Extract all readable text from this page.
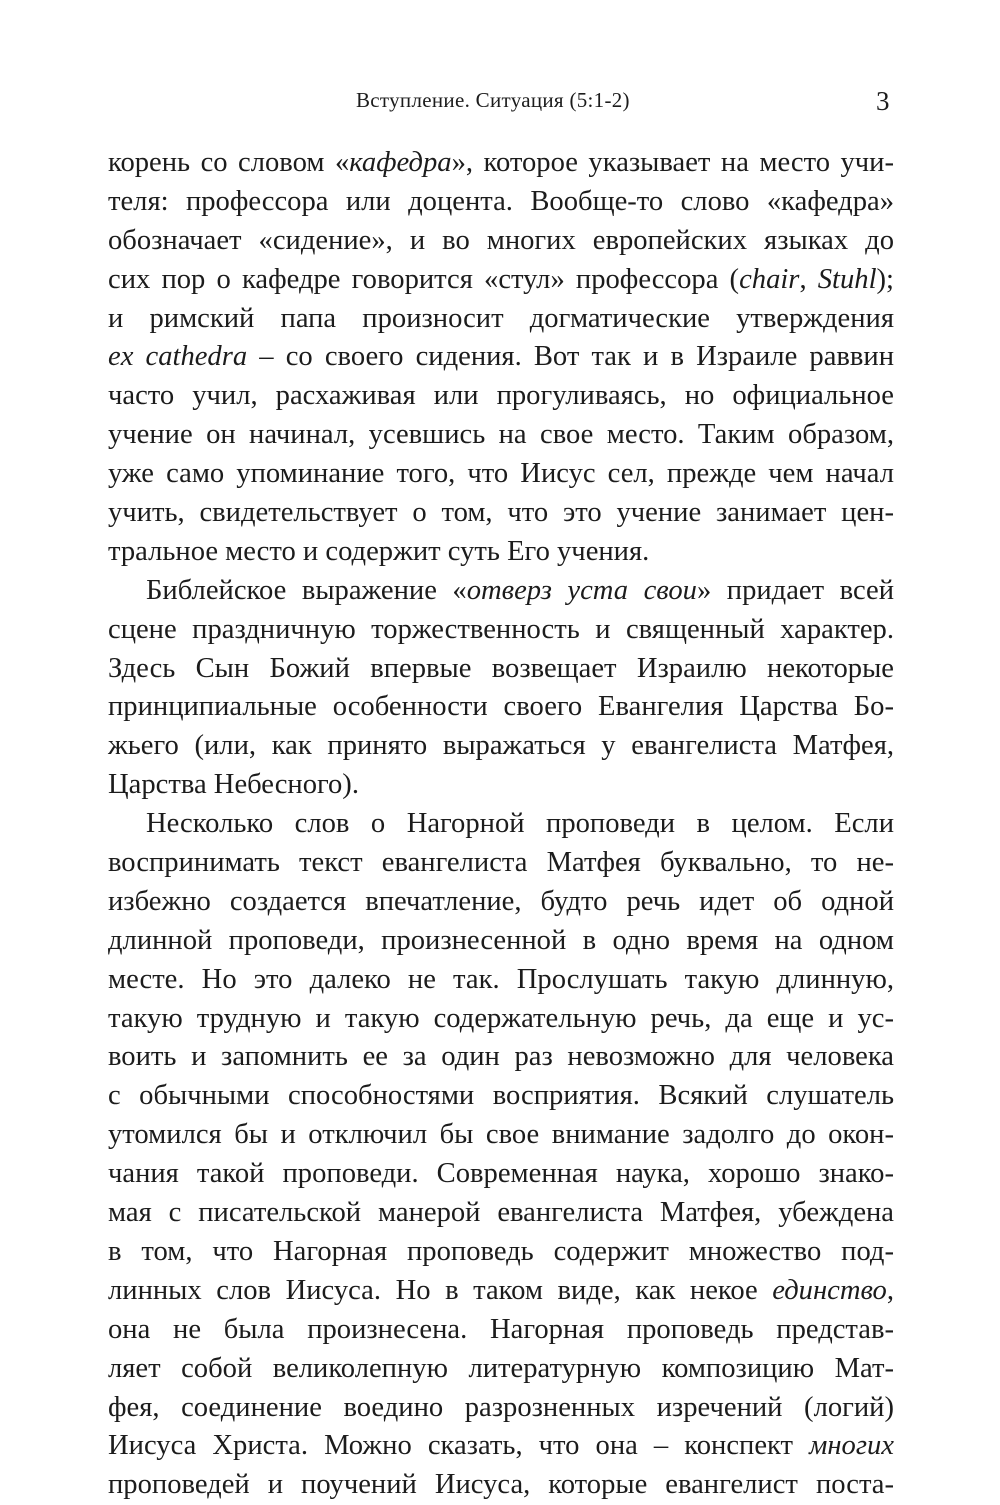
Вступление. Ситуация (5:1-2)	3
корень со словом «кафедра», которое указывает на место учи-
теля: профессора или доцента. Вообще-то слово «кафедра»
обозначает «сидение», и во многих европейских языках до
сих пор о кафедре говорится «стул» профессора (chair, Stuhl);
и римский папа произносит догматические утверждения
ex cathedra – со своего сидения. Вот так и в Израиле раввин
часто учил, расхаживая или прогуливаясь, но официальное
учение он начинал, усевшись на свое место. Таким образом,
уже само упоминание того, что Иисус сел, прежде чем начал
учить, свидетельствует о том, что это учение занимает цен-
тральное место и содержит суть Его учения.
Библейское выражение «отверз уста свои» придает всей
сцене праздничную торжественность и священный характер.
Здесь Сын Божий впервые возвещает Израилю некоторые
принципиальные особенности своего Евангелия Царства Бо-
жьего (или, как принято выражаться у евангелиста Матфея,
Царства Небесного).
Несколько слов о Нагорной проповеди в целом. Если
воспринимать текст евангелиста Матфея буквально, то не-
избежно создается впечатление, будто речь идет об одной
длинной проповеди, произнесенной в одно время на одном
месте. Но это далеко не так. Прослушать такую длинную,
такую трудную и такую содержательную речь, да еще и ус-
воить и запомнить ее за один раз невозможно для человека
с обычными способностями восприятия. Всякий слушатель
утомился бы и отключил бы свое внимание задолго до окон-
чания такой проповеди. Современная наука, хорошо знако-
мая с писательской манерой евангелиста Матфея, убеждена
в том, что Нагорная проповедь содержит множество под-
линных слов Иисуса. Но в таком виде, как некое единство,
она не была произнесена. Нагорная проповедь представ-
ляет собой великолепную литературную композицию Мат-
фея, соединение воедино разрозненных изречений (логий)
Иисуса Христа. Можно сказать, что она – конспект многих
проповедей и поучений Иисуса, которые евангелист поста-
